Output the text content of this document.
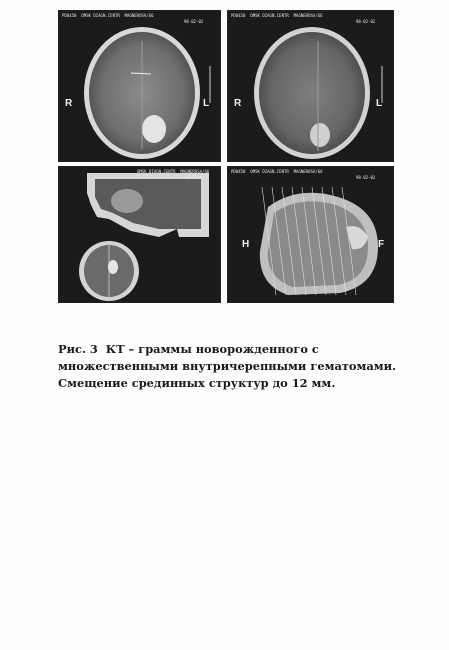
PD0450 OMSK DIAGN.CENTR MAGNEROSA/66
98-02-02
R	L
PD0450 OMSK DIAGN.CENTR MAGNEROSA/66
98-02-02
R	L
OMSK DIAGN.CENTR MAGNEROSA/66
98-02-02
PD0450 OMSK DIAGN.CENTR MAGNEROSA/66
98-02-02
H	F
Рис. 3 КТ – граммы новорожденного с множественными внутричерепными гематомами. Смещение срединных структур до 12 мм.
